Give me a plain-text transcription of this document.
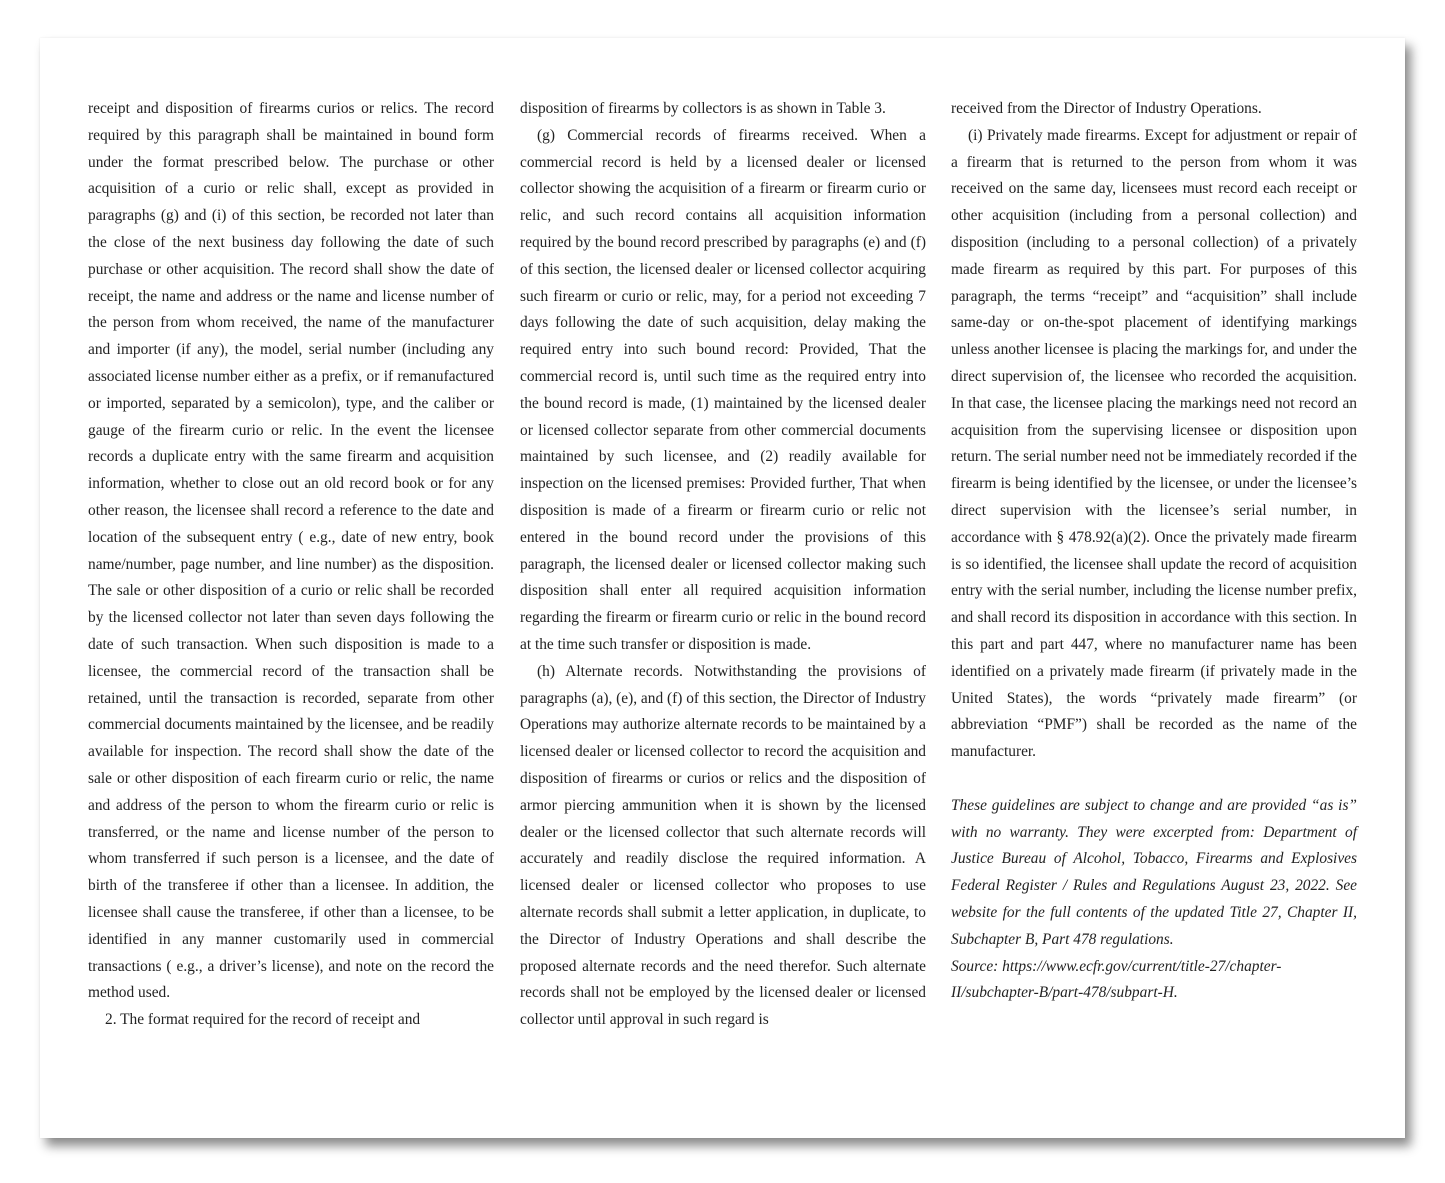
receipt and disposition of firearms curios or relics. The record required by this paragraph shall be maintained in bound form under the format prescribed below. The purchase or other acquisition of a curio or relic shall, except as provided in paragraphs (g) and (i) of this section, be recorded not later than the close of the next business day following the date of such purchase or other acquisition. The record shall show the date of receipt, the name and address or the name and license number of the person from whom received, the name of the manufacturer and importer (if any), the model, serial number (including any associated license number either as a prefix, or if remanufactured or imported, separated by a semicolon), type, and the caliber or gauge of the firearm curio or relic. In the event the licensee records a duplicate entry with the same firearm and acquisition information, whether to close out an old record book or for any other reason, the licensee shall record a reference to the date and location of the subsequent entry ( e.g., date of new entry, book name/number, page number, and line number) as the disposition. The sale or other disposition of a curio or relic shall be recorded by the licensed collector not later than seven days following the date of such transaction. When such disposition is made to a licensee, the commercial record of the transaction shall be retained, until the transaction is recorded, separate from other commercial documents maintained by the licensee, and be readily available for inspection. The record shall show the date of the sale or other disposition of each firearm curio or relic, the name and address of the person to whom the firearm curio or relic is transferred, or the name and license number of the person to whom transferred if such person is a licensee, and the date of birth of the transferee if other than a licensee. In addition, the licensee shall cause the transferee, if other than a licensee, to be identified in any manner customarily used in commercial transactions ( e.g., a driver’s license), and note on the record the method used.

2. The format required for the record of receipt and

disposition of firearms by collectors is as shown in Table 3.

(g) Commercial records of firearms received. When a commercial record is held by a licensed dealer or licensed collector showing the acquisition of a firearm or firearm curio or relic, and such record contains all acquisition information required by the bound record prescribed by paragraphs (e) and (f) of this section, the licensed dealer or licensed collector acquiring such firearm or curio or relic, may, for a period not exceeding 7 days following the date of such acquisition, delay making the required entry into such bound record: Provided, That the commercial record is, until such time as the required entry into the bound record is made, (1) maintained by the licensed dealer or licensed collector separate from other commercial documents maintained by such licensee, and (2) readily available for inspection on the licensed premises: Provided further, That when disposition is made of a firearm or firearm curio or relic not entered in the bound record under the provisions of this paragraph, the licensed dealer or licensed collector making such disposition shall enter all required acquisition information regarding the firearm or firearm curio or relic in the bound record at the time such transfer or disposition is made.

(h) Alternate records. Notwithstanding the provisions of paragraphs (a), (e), and (f) of this section, the Director of Industry Operations may authorize alternate records to be maintained by a licensed dealer or licensed collector to record the acquisition and disposition of firearms or curios or relics and the disposition of armor piercing ammunition when it is shown by the licensed dealer or the licensed collector that such alternate records will accurately and readily disclose the required information. A licensed dealer or licensed collector who proposes to use alternate records shall submit a letter application, in duplicate, to the Director of Industry Operations and shall describe the proposed alternate records and the need therefor. Such alternate records shall not be employed by the licensed dealer or licensed collector until approval in such regard is

received from the Director of Industry Operations.

(i) Privately made firearms. Except for adjustment or repair of a firearm that is returned to the person from whom it was received on the same day, licensees must record each receipt or other acquisition (including from a personal collection) and disposition (including to a personal collection) of a privately made firearm as required by this part. For purposes of this paragraph, the terms “receipt” and “acquisition” shall include same-day or on-the-spot placement of identifying markings unless another licensee is placing the markings for, and under the direct supervision of, the licensee who recorded the acquisition. In that case, the licensee placing the markings need not record an acquisition from the supervising licensee or disposition upon return. The serial number need not be immediately recorded if the firearm is being identified by the licensee, or under the licensee’s direct supervision with the licensee’s serial number, in accordance with § 478.92(a)(2). Once the privately made firearm is so identified, the licensee shall update the record of acquisition entry with the serial number, including the license number prefix, and shall record its disposition in accordance with this section. In this part and part 447, where no manufacturer name has been identified on a privately made firearm (if privately made in the United States), the words “privately made firearm” (or abbreviation “PMF”) shall be recorded as the name of the manufacturer.

These guidelines are subject to change and are provided “as is” with no warranty. They were excerpted from: Department of Justice Bureau of Alcohol, Tobacco, Firearms and Explosives Federal Register / Rules and Regulations August 23, 2022. See website for the full contents of the updated Title 27, Chapter II, Subchapter B, Part 478 regulations.

Source: https://www.ecfr.gov/current/title-27/chapter-II/subchapter-B/part-478/subpart-H.
